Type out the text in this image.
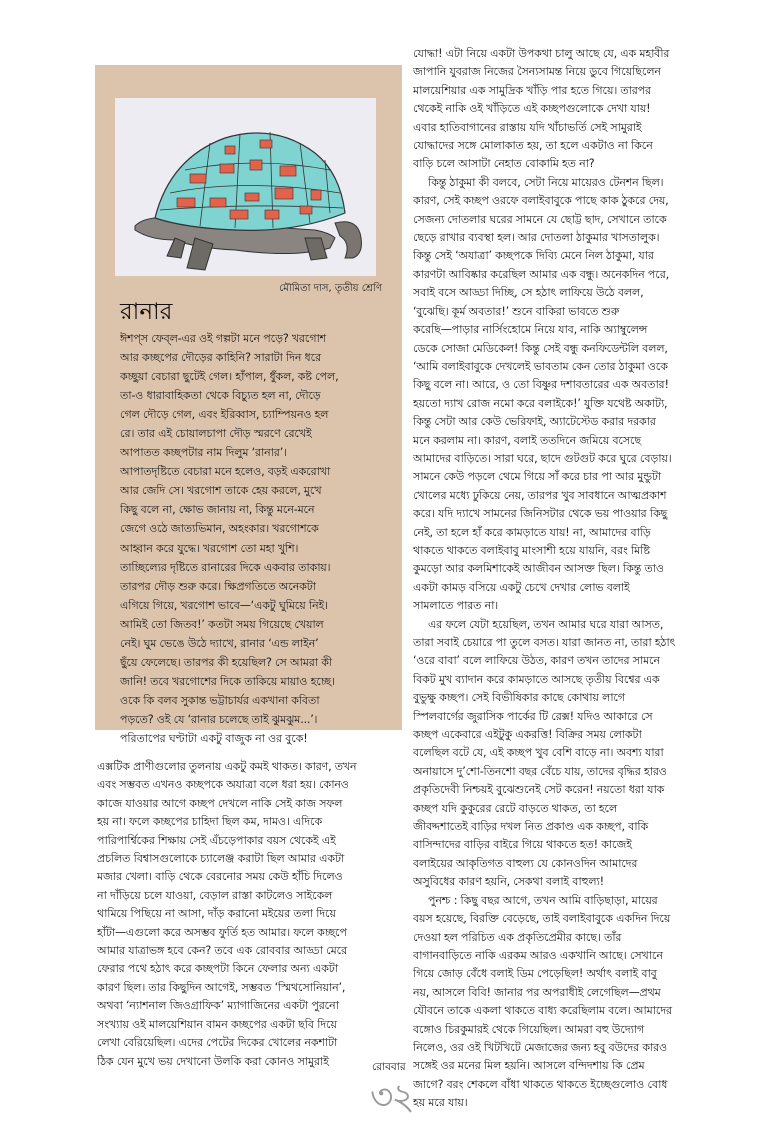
মৌমিতা দাস, তৃতীয় শ্রেণি
রানার
ঈশপ্‌স ফেব্‌ল-এর ওই গল্পটা মনে পড়ে? খরগোশ
আর কচ্ছপের দৌড়ের কাহিনি? সারাটা দিন ধরে
কচ্ছুয়া বেচারা ছুটেই গেল। হাঁপাল, ধুঁকল, কষ্ট পেল,
তা-ও ধারাবাহিকতা থেকে বিচ্যুত হল না, দৌড়ে
গেল দৌড়ে গেল, এবং ইরিব্বাস, চ্যাম্পিয়নও হল
রে। তার এই চোয়ালচাপা দৌড় স্মরণে রেখেই
আপাতত কচ্ছপটার নাম দিলুম ‘রানার’।
আপাতদৃষ্টিতে বেচারা মনে হলেও, বড়ই একরোখা
আর জেদি সে। খরগোশ তাকে হেয় করলে, মুখে
কিছু বলে না, ক্ষোভ জানায় না, কিন্তু মনে-মনে
জেগে ওঠে জাত্যভিমান, অহংকার। খরগোশকে
আহ্বান করে যুদ্ধে। খরগোশ তো মহা খুশি।
তাচ্ছিল্যের দৃষ্টিতে রানারের দিকে একবার তাকায়।
তারপর দৌড় শুরু করে। ক্ষিপ্রগতিতে অনেকটা
এগিয়ে গিয়ে, খরগোশ ভাবে—‘একটু ঘুমিয়ে নিই।
আমিই তো জিতব!’ কতটা সময় গিয়েছে খেয়াল
নেই। ঘুম ভেঙে উঠে দ্যাখে, রানার ‘এন্ড লাইন’
ছুঁয়ে ফেলেছে। তারপর কী হয়েছিল? সে আমরা কী
জানি! তবে খরগোশের দিকে তাকিয়ে মায়াও হচ্ছে।
ওকে কি বলব সুকান্ত ভট্টাচার্যর একখানা কবিতা
পড়তে? ওই যে ‘রানার চলেছে তাই ঝুমঝুম...’।
পরিতাপের ঘণ্টাটা একটু বাজুক না ওর বুকে!
এক্সটিক প্রাণীগুলোর তুলনায় একটু কমই থাকত। কারণ, তখন
এবং সম্ভবত এখনও কচ্ছপকে অযাত্রা বলে ধরা হয়। কোনও
কাজে যাওয়ার আগে কচ্ছপ দেখলে নাকি সেই কাজ সফল
হয় না। ফলে কচ্ছপের চাহিদা ছিল কম, দামও। এদিকে
পারিপার্শ্বিকের শিক্ষায় সেই এঁচড়েপাকার বয়স থেকেই এই
প্রচলিত বিশ্বাসগুলোকে চ্যালেঞ্জ করাটা ছিল আমার একটা
মজার খেলা। বাড়ি থেকে বেরনোর সময় কেউ হাঁচি দিলেও
না দাঁড়িয়ে চলে যাওয়া, বেড়াল রাস্তা কাটলেও সাইকেল
থামিয়ে পিছিয়ে না আসা, দাঁড় করানো মইয়ের তলা দিয়ে
হাঁটা—এগুলো করে অসম্ভব ফুর্তি হত আমার। ফলে কচ্ছপে
আমার যাত্রাভঙ্গ হবে কেন? তবে এক রোববার আড্ডা মেরে
ফেরার পথে হঠাৎ করে কচ্ছপটা কিনে ফেলার অন্য একটা
কারণ ছিল। তার কিছুদিন আগেই, সম্ভবত ‘স্মিথসোনিয়ান’,
অথবা ‘ন্যাশনাল জিওগ্রাফিক’ ম্যাগাজিনের একটা পুরনো
সংখ্যায় ওই মালয়েশিয়ান বামন কচ্ছপের একটা ছবি দিয়ে
লেখা বেরিয়েছিল। এদের পেটের দিকের খোলের নকশাটা
ঠিক যেন মুখে ভয় দেখানো উলকি করা কোনও সামুরাই
যোদ্ধা! এটা নিয়ে একটা উপকথা চালু আছে যে, এক মহাবীর
জাপানি যুবরাজ নিজের সৈন্যসামন্ত নিয়ে ডুবে গিয়েছিলেন
মালয়েশিয়ার এক সামুদ্রিক খাঁড়ি পার হতে গিয়ে। তারপর
থেকেই নাকি ওই খাঁড়িতে এই কচ্ছপগুলোকে দেখা যায়!
এবার হাতিবাগানের রাস্তায় যদি খাঁচাভর্তি সেই সামুরাই
যোদ্ধাদের সঙ্গে মোলাকাত হয়, তা হলে একটাও না কিনে
বাড়ি চলে আসাটা নেহাত বোকামি হত না?
কিন্তু ঠাকুমা কী বলবে, সেটা নিয়ে মায়েরও টেনশন ছিল।
কারণ, সেই কচ্ছপ ওরফে বলাইবাবুকে পাছে কাক ঠুকরে দেয়,
সেজন্য দোতলার ঘরের সামনে যে ছোট্ট ছাদ, সেখানে তাকে
ছেড়ে রাখার ব্যবস্থা হল। আর দোতলা ঠাকুমার খাসতালুক।
কিন্তু সেই ‘অযাত্রা’ কচ্ছপকে দিব্যি মেনে নিল ঠাকুমা, যার
কারণটা আবিষ্কার করেছিল আমার এক বন্ধু। অনেকদিন পরে,
সবাই বসে আড্ডা দিচ্ছি, সে হঠাৎ লাফিয়ে উঠে বলল,
‘বুঝেছি। কূর্ম অবতার!’ শুনে বাকিরা ভাবতে শুরু
করেছি—পাড়ার নার্সিংহোমে নিয়ে যাব, নাকি অ্যাম্বুলেন্স
ডেকে সোজা মেডিকেল! কিন্তু সেই বন্ধু কনফিডেন্টলি বলল,
‘আমি বলাইবাবুকে দেখলেই ভাবতাম কেন তোর ঠাকুমা ওকে
কিছু বলে না। আরে, ও তো বিষ্ণুর দশাবতারের এক অবতার!
হয়তো দ্যাখ রোজ নমো করে বলাইকে!’ যুক্তি যথেষ্ট অকাট্য,
কিন্তু সেটা আর কেউ ভেরিফাই, অ্যাটেস্টেড করার দরকার
মনে করলাম না। কারণ, বলাই ততদিনে জমিয়ে বসেছে
আমাদের বাড়িতে। সারা ঘরে, ছাদে গুটগুট করে ঘুরে বেড়ায়।
সামনে কেউ পড়লে থেমে গিয়ে সাঁ করে চার পা আর মুন্ডুটা
খোলের মধ্যে ঢুকিয়ে নেয়, তারপর খুব সাবধানে আত্মপ্রকাশ
করে। যদি দ্যাখে সামনের জিনিসটার থেকে ভয় পাওয়ার কিছু
নেই, তা হলে হাঁ করে কামড়াতে যায়! না, আমাদের বাড়ি
থাকতে থাকতে বলাইবাবু মাংসাশী হয়ে যায়নি, বরং মিষ্টি
কুমড়ো আর কলমিশাকেই আজীবন আসক্ত ছিল। কিন্তু তাও
একটা কামড় বসিয়ে একটু চেখে দেখার লোভ বলাই
সামলাতে পারত না।
এর ফলে যেটা হয়েছিল, তখন আমার ঘরে যারা আসত,
তারা সবাই চেয়ারে পা তুলে বসত। যারা জানত না, তারা হঠাৎ
‘ওরে বাবা’ বলে লাফিয়ে উঠত, কারণ তখন তাদের সামনে
বিকট মুখ ব্যাদান করে কামড়াতে আসছে তৃতীয় বিশ্বের এক
বুভুক্ষু কচ্ছপ। সেই বিভীষিকার কাছে কোথায় লাগে
স্পিলবার্গের জুরাসিক পার্কের টি রেক্স! যদিও আকারে সে
কচ্ছপ একেবারে এইটুকু একরত্তি! বিক্রির সময় লোকটা
বলেছিল বটে যে, এই কচ্ছপ খুব বেশি বাড়ে না। অবশ্য যারা
অনায়াসে দু’শো-তিনশো বছর বেঁচে যায়, তাদের বৃদ্ধির হারও
প্রকৃতিদেবী নিশ্চয়ই বুঝেশুনেই সেট করেন! নয়তো ধরা যাক
কচ্ছপ যদি কুকুরের রেটে বাড়তে থাকত, তা হলে
জীবদ্দশাতেই বাড়ির দখল নিত প্রকাণ্ড এক কচ্ছপ, বাকি
বাসিন্দাদের বাড়ির বাইরে গিয়ে থাকতে হত! কাজেই
বলাইয়ের আকৃতিগত বাহুল্য যে কোনওদিন আমাদের
অসুবিধের কারণ হয়নি, সেকথা বলাই বাহুল্য!
পুনশ্চ : কিছু বছর আগে, তখন আমি বাড়িছাড়া, মায়ের
বয়স হয়েছে, বিরক্তি বেড়েছে, তাই বলাইবাবুকে একদিন দিয়ে
দেওয়া হল পরিচিত এক প্রকৃতিপ্রেমীর কাছে। তাঁর
বাগানবাড়িতে নাকি এরকম আরও একখানি আছে। সেখানে
গিয়ে জোড় বেঁধে বলাই ডিম পেড়েছিল! অর্থাৎ বলাই বাবু
নয়, আসলে বিবি! জানার পর অপরাধীই লেগেছিল—প্রথম
যৌবনে তাকে একলা থাকতে বাধ্য করেছিলাম বলে। আমাদের
বঙ্গোও চিরকুমারই থেকে গিয়েছিল। আমরা বহু উদ্যোগ
নিলেও, ওর ওই খিটখিটে মেজাজের জন্য হবু বউদের কারও
সঙ্গেই ওর মনের মিল হয়নি। আসলে বন্দিদশায় কি প্রেম
জাগে? বরং শেকলে বাঁধা থাকতে থাকতে ইচ্ছেগুলোও বোধ
হয় মরে যায়।
রোববার
৩২
